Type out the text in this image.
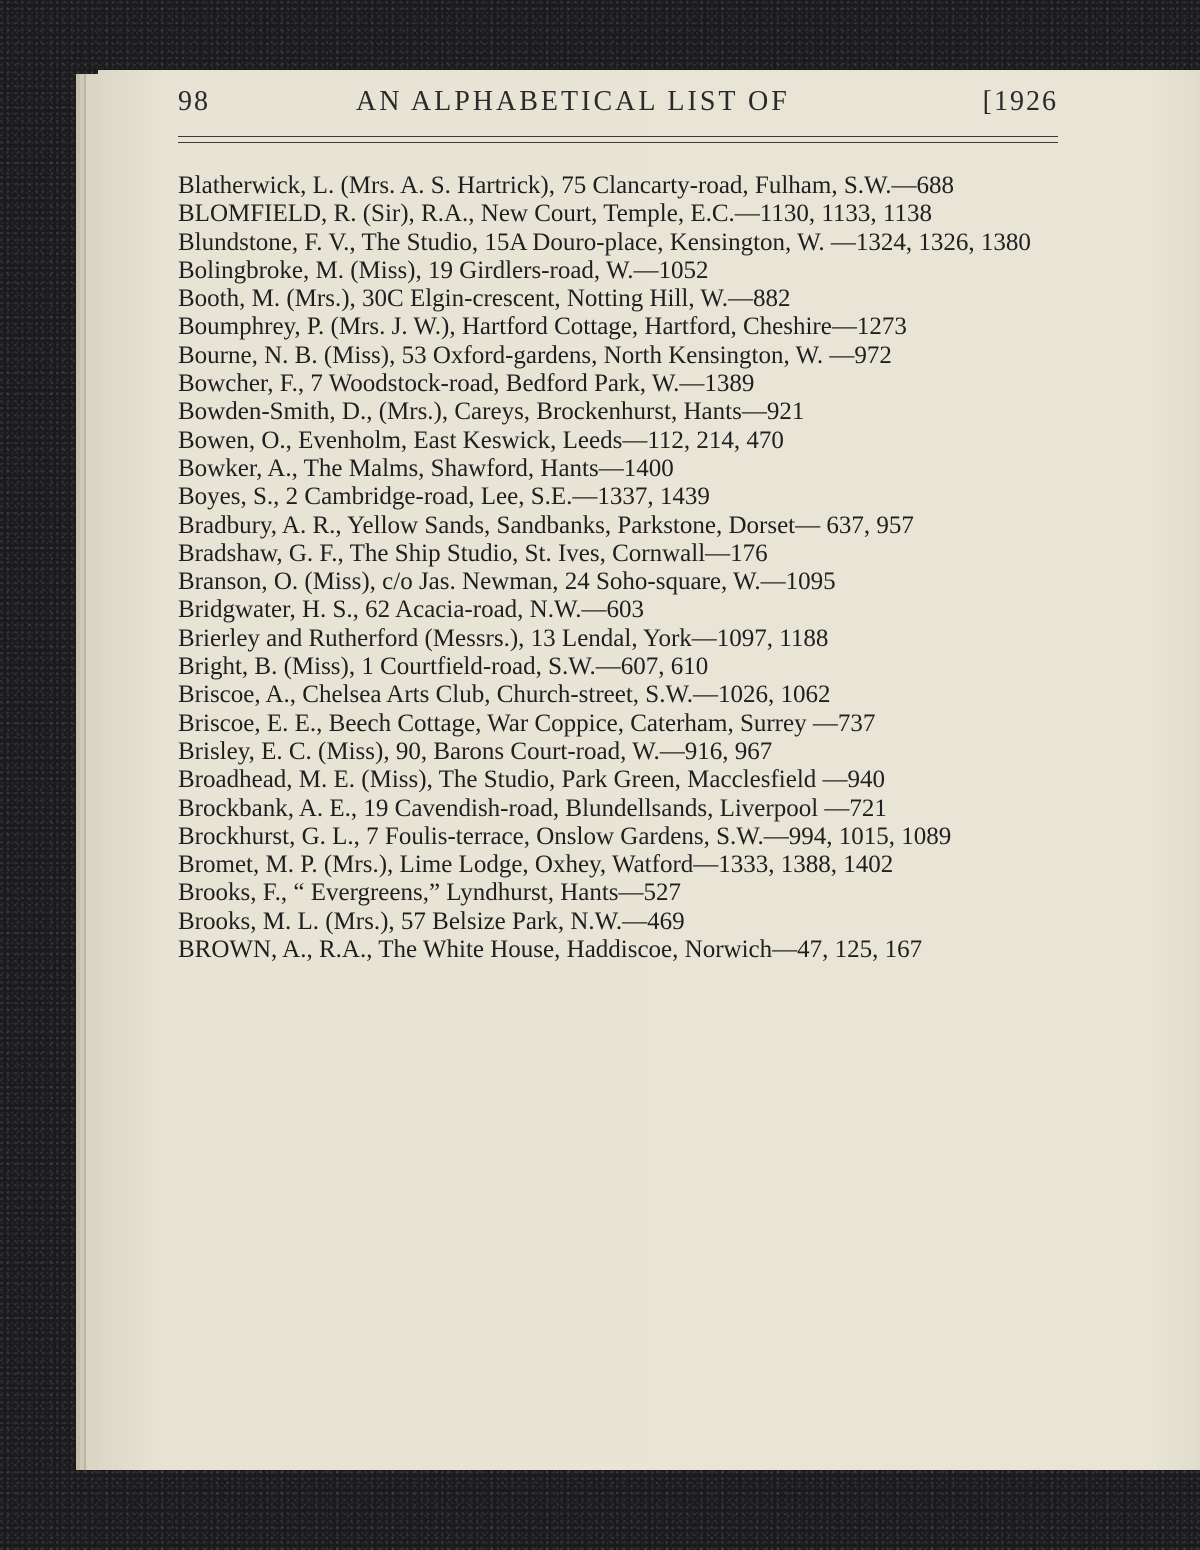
98	AN ALPHABETICAL LIST OF	[1926
Blatherwick, L. (Mrs. A. S. Hartrick), 75 Clancarty-road, Fulham, S.W.—688
BLOMFIELD, R. (Sir), R.A., New Court, Temple, E.C.—1130, 1133, 1138
Blundstone, F. V., The Studio, 15A Douro-place, Kensington, W. —1324, 1326, 1380
Bolingbroke, M. (Miss), 19 Girdlers-road, W.—1052
Booth, M. (Mrs.), 30C Elgin-crescent, Notting Hill, W.—882
Boumphrey, P. (Mrs. J. W.), Hartford Cottage, Hartford, Cheshire—1273
Bourne, N. B. (Miss), 53 Oxford-gardens, North Kensington, W. —972
Bowcher, F., 7 Woodstock-road, Bedford Park, W.—1389
Bowden-Smith, D., (Mrs.), Careys, Brockenhurst, Hants—921
Bowen, O., Evenholm, East Keswick, Leeds—112, 214, 470
Bowker, A., The Malms, Shawford, Hants—1400
Boyes, S., 2 Cambridge-road, Lee, S.E.—1337, 1439
Bradbury, A. R., Yellow Sands, Sandbanks, Parkstone, Dorset— 637, 957
Bradshaw, G. F., The Ship Studio, St. Ives, Cornwall—176
Branson, O. (Miss), c/o Jas. Newman, 24 Soho-square, W.—1095
Bridgwater, H. S., 62 Acacia-road, N.W.—603
Brierley and Rutherford (Messrs.), 13 Lendal, York—1097, 1188
Bright, B. (Miss), 1 Courtfield-road, S.W.—607, 610
Briscoe, A., Chelsea Arts Club, Church-street, S.W.—1026, 1062
Briscoe, E. E., Beech Cottage, War Coppice, Caterham, Surrey —737
Brisley, E. C. (Miss), 90, Barons Court-road, W.—916, 967
Broadhead, M. E. (Miss), The Studio, Park Green, Macclesfield —940
Brockbank, A. E., 19 Cavendish-road, Blundellsands, Liverpool —721
Brockhurst, G. L., 7 Foulis-terrace, Onslow Gardens, S.W.—994, 1015, 1089
Bromet, M. P. (Mrs.), Lime Lodge, Oxhey, Watford—1333, 1388, 1402
Brooks, F., “ Evergreens,” Lyndhurst, Hants—527
Brooks, M. L. (Mrs.), 57 Belsize Park, N.W.—469
BROWN, A., R.A., The White House, Haddiscoe, Norwich—47, 125, 167
